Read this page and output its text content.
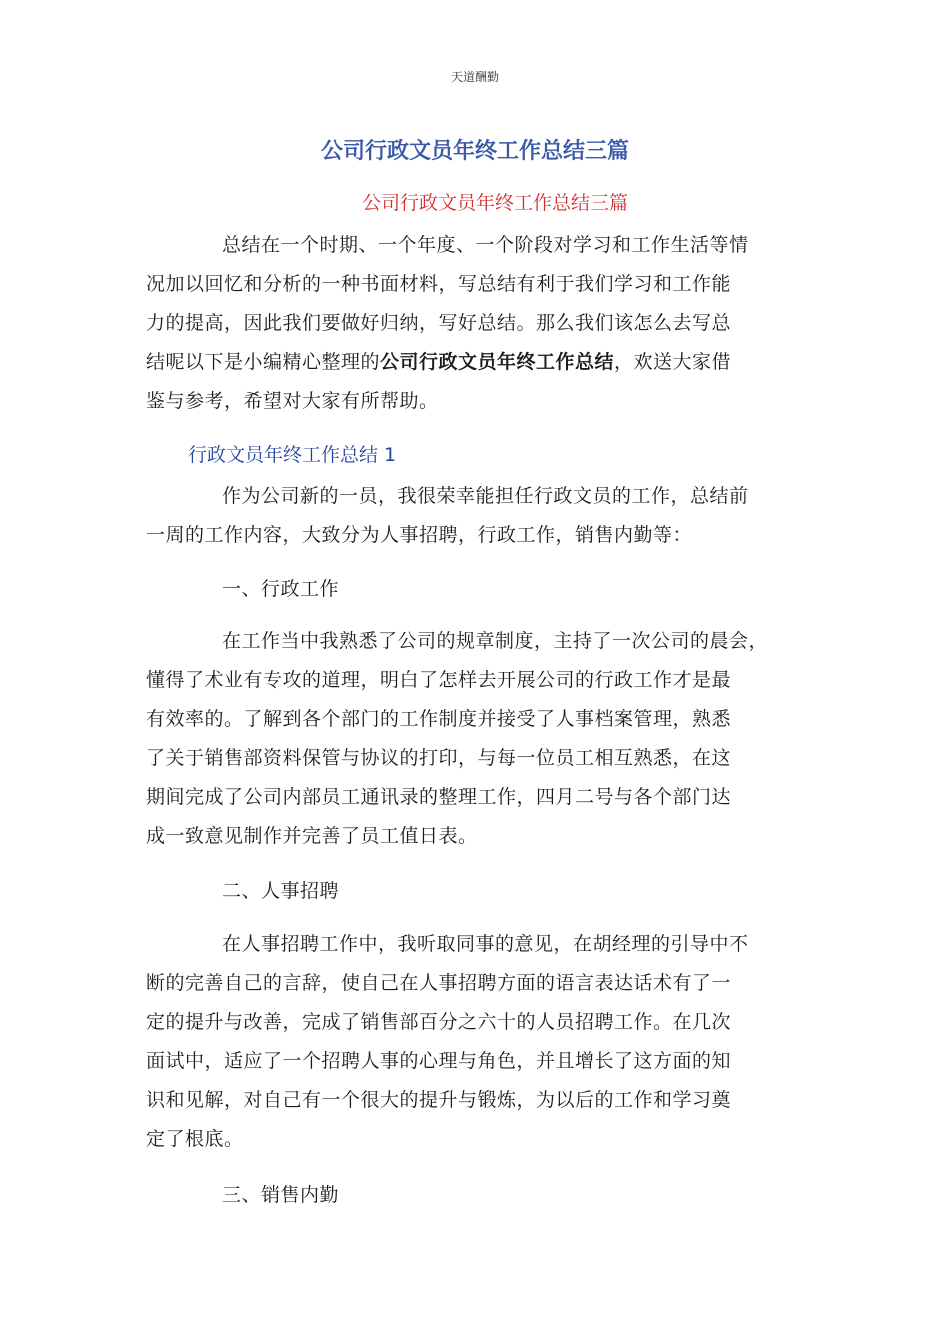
天道酬勤
公司行政文员年终工作总结三篇
公司行政文员年终工作总结三篇
总结在一个时期、一个年度、一个阶段对学习和工作生活等情
况加以回忆和分析的一种书面材料，写总结有利于我们学习和工作能
力的提高，因此我们要做好归纳，写好总结。那么我们该怎么去写总
结呢以下是小编精心整理的公司行政文员年终工作总结，欢送大家借
鉴与参考，希望对大家有所帮助。
行政文员年终工作总结 1
作为公司新的一员，我很荣幸能担任行政文员的工作，总结前
一周的工作内容，大致分为人事招聘，行政工作，销售内勤等：
一、行政工作
在工作当中我熟悉了公司的规章制度，主持了一次公司的晨会，
懂得了术业有专攻的道理，明白了怎样去开展公司的行政工作才是最
有效率的。了解到各个部门的工作制度并接受了人事档案管理，熟悉
了关于销售部资料保管与协议的打印，与每一位员工相互熟悉，在这
期间完成了公司内部员工通讯录的整理工作，四月二号与各个部门达
成一致意见制作并完善了员工值日表。
二、人事招聘
在人事招聘工作中，我听取同事的意见，在胡经理的引导中不
断的完善自己的言辞，使自己在人事招聘方面的语言表达话术有了一
定的提升与改善，完成了销售部百分之六十的人员招聘工作。在几次
面试中，适应了一个招聘人事的心理与角色，并且增长了这方面的知
识和见解，对自己有一个很大的提升与锻炼，为以后的工作和学习奠
定了根底。
三、销售内勤
